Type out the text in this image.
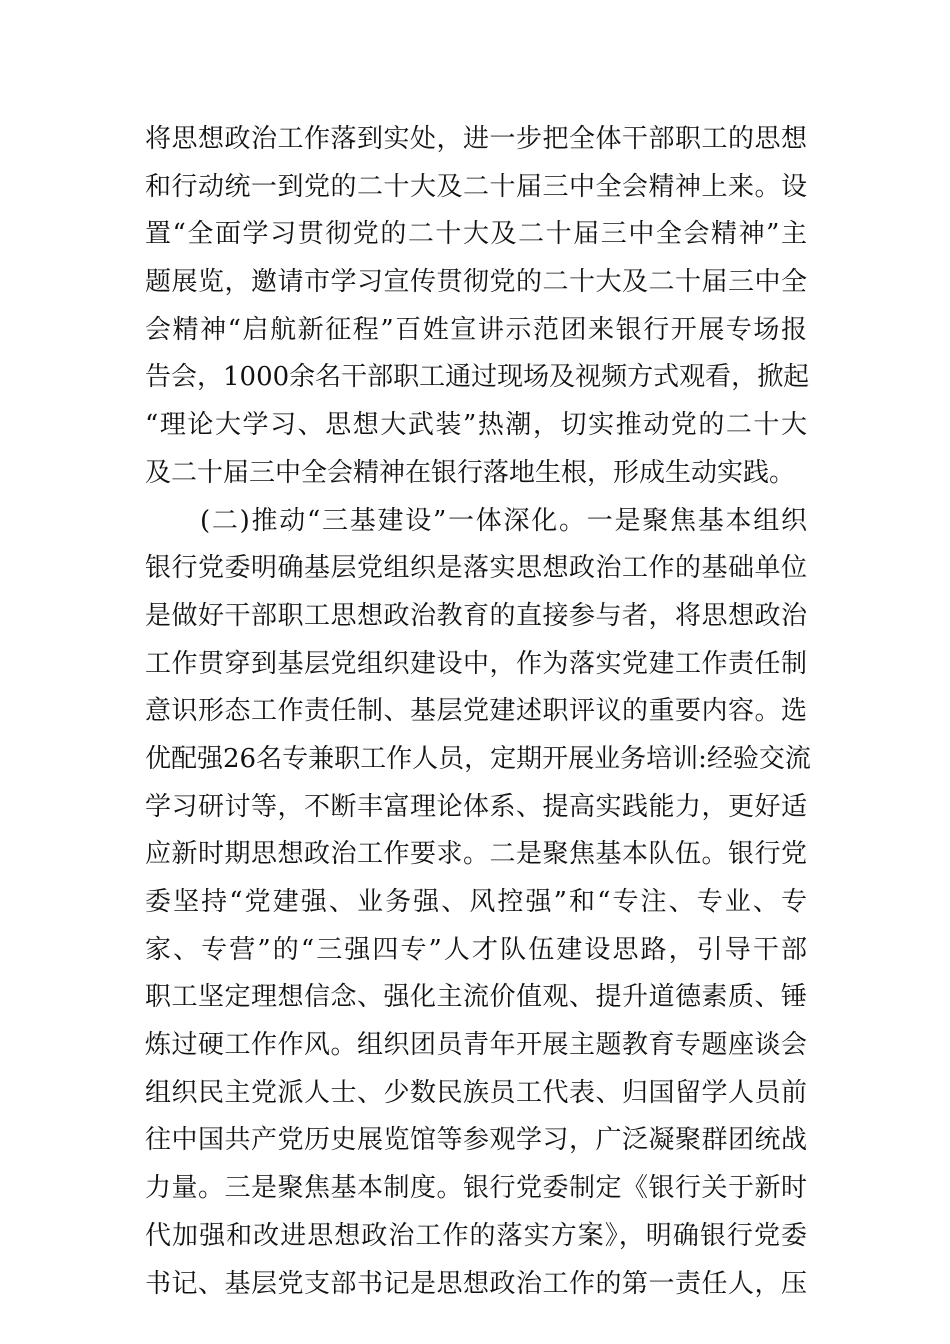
将思想政治工作落到实处，进一步把全体干部职工的思想
和行动统一到党的二十大及二十届三中全会精神上来。设
置“全面学习贯彻党的二十大及二十届三中全会精神”主
题展览，邀请市学习宣传贯彻党的二十大及二十届三中全
会精神“启航新征程”百姓宣讲示范团来银行开展专场报
告会，1000余名干部职工通过现场及视频方式观看，掀起
“理论大学习、思想大武装”热潮，切实推动党的二十大
及二十届三中全会精神在银行落地生根，形成生动实践。
(二)推动“三基建设”一体深化。一是聚焦基本组织
银行党委明确基层党组织是落实思想政治工作的基础单位
是做好干部职工思想政治教育的直接参与者，将思想政治
工作贯穿到基层党组织建设中，作为落实党建工作责任制
意识形态工作责任制、基层党建述职评议的重要内容。选
优配强26名专兼职工作人员，定期开展业务培训:经验交流
学习研讨等，不断丰富理论体系、提高实践能力，更好适
应新时期思想政治工作要求。二是聚焦基本队伍。银行党
委坚持“党建强、业务强、风控强”和“专注、专业、专
家、专营”的“三强四专”人才队伍建设思路，引导干部
职工坚定理想信念、强化主流价值观、提升道德素质、锤
炼过硬工作作风。组织团员青年开展主题教育专题座谈会
组织民主党派人士、少数民族员工代表、归国留学人员前
往中国共产党历史展览馆等参观学习，广泛凝聚群团统战
力量。三是聚焦基本制度。银行党委制定《银行关于新时
代加强和改进思想政治工作的落实方案》，明确银行党委
书记、基层党支部书记是思想政治工作的第一责任人，压
